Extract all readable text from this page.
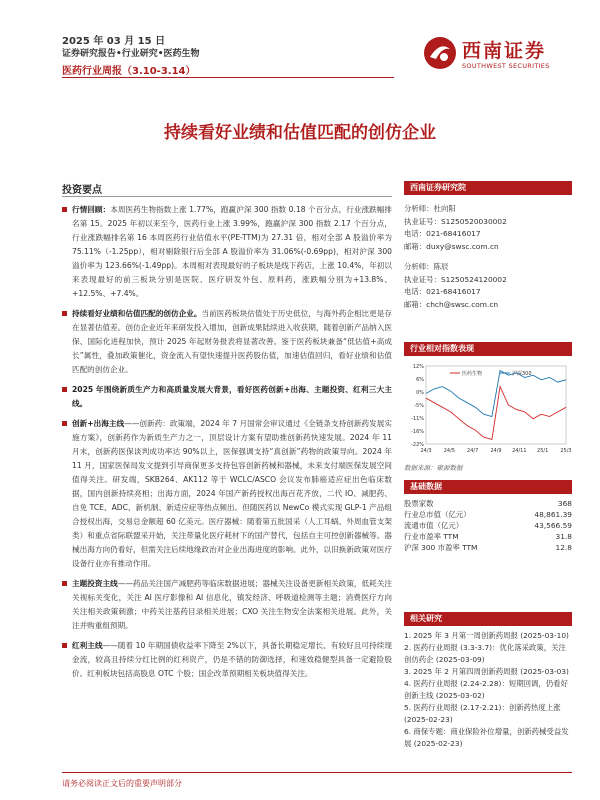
2025 年 03 月 15 日
证券研究报告•行业研究•医药生物
医药行业周报（3.10-3.14）
西南证券
SOUTHWEST SECURITIES
持续看好业绩和估值匹配的创仿企业
投资要点
行情回顾：本周医药生物指数上涨 1.77%，跑赢沪深 300 指数 0.18 个百分点，行业涨跌幅排名第 15。2025 年初以来至今，医药行业上涨 3.99%，跑赢沪深 300 指数 2.17 个百分点，行业涨跌幅排名第 16 本周医药行业估值水平(PE-TTM)为 27.31 倍，相对全部 A 股溢价率为 75.11%（-1.25pp），相对剔除银行后全部 A 股溢价率为 31.06%(-0.69pp)，相对沪深 300 溢价率为 123.66%(-1.49pp)。本周相对表现最好的子板块是线下药店，上涨 10.4%，年初以来表现最好的前三板块分别是医院、医疗研发外包、原料药，涨跌幅分别为+13.8%、+12.5%、+7.4%。
持续看好业绩和估值匹配的创仿企业。当前医药板块估值处于历史低位，与海外药企相比更是存在显著估值差。创仿企业近年来研发投入增加，创新成果陆续进入收获期，随着创新产品纳入医保、国际化进程加快，预计 2025 年起财务报表将显著改善。鉴于医药板块兼备“低估值+高成长”属性，叠加政策催化，资金流入有望快速提升医药股估值，加速估值回归，看好业绩和估值匹配的创仿企业。
2025 年围绕新质生产力和高质量发展大背景，看好医药创新+出海、主题投资、红利三大主线。
创新+出海主线——创新药：政策端，2024 年 7 月国常会审议通过《全链条支持创新药发展实施方案》，创新药作为新质生产力之一，顶层设计方案有望助推创新药快速发展。2024 年 11 月末，创新药医保谈判成功率达 90%以上，医保强调支持“真创新”药物的政策导向。2024 年 11 月，国家医保局发文提到引导商保更多支持包容创新药械和器械，未来支付端医保发展空间值得关注。研发端，SKB264、AK112 等于 WCLC/ASCO 会议发布肺癌适应症出色临床数据，国内创新持续亮相；出海方面，2024 年国产新药授权出海百花齐放，二代 IO、减肥药、自免 TCE、ADC、新机制、新适应症等热点频出。但随医药以 NewCo 模式实现 GLP-1 产品组合授权出海，交易总金额超 60 亿美元。医疗器械：随着第五批国采（人工耳蜗、外周血管支架类）和重点省际联盟采开始，关注带量化医疗耗材下的国产替代，包括自主可控创新器械等。器械出海方向仍看好，但需关注后续地缘政治对企业出海进度的影响。此外，以旧换新政策对医疗设备行业亦有推动作用。
主题投资主线——药品关注国产减肥药等临床数据进展；器械关注设备更新相关政策，低耗关注关视标关变化，关注 AI 医疗影像和 AI 信息化，镇发经济、呼吸道检测等主题；消费医疗方向关注相关政策刺激；中药关注基药目录相关进展；CXO 关注生物安全法案相关进展。此外，关注并购重组预期。
红利主线——随着 10 年期国债收益率下降至 2%以下，具备长期稳定增长、有较好且可持续现金流，较高且持续分红比例的红利资产，仍是不错的防御选择，和速效稳健型具备一定避险股价。红利板块包括高股息 OTC 个股；国企改革预期相关板块值得关注。
西南证券研究院
分析师：杜向阳
执业证号：S1250520030002
电话：021-68416017
邮箱：duxy@swsc.com.cn
分析师：陈辰
执业证号：S1250524120002
电话：021-68416017
邮箱：chch@swsc.com.cn
行业相对指数表现
12%
6%
0%
-5%
-11%
-16%
-22%
24/3 24/5 24/7 24/9 24/11 25/1 25/3
医药生物	沪深300
数据来源：聚源数据
基础数据
股票家数	368
行业总市值（亿元）	48,861.39
流通市值（亿元）	43,566.59
行业市盈率 TTM	31.8
沪深 300 市盈率 TTM	12.8
相关研究
1. 2025 年 3 月第一周创新药周报 (2025-03-10)
2. 医药行业周报 (3.3-3.7)：优化落采政策，关注创仿药企 (2025-03-09)
3. 2025 年 2 月第四周创新药周报 (2025-03-03)
4. 医药行业周报 (2.24-2.28)：短期回调，仍看好创新主线 (2025-03-02)
5. 医药行业周报 (2.17-2.21)：创新药热度上涨 (2025-02-23)
6. 商保专题：商业保险补位增量，创新药械受益发展 (2025-02-23)
请务必阅读正文后的重要声明部分
